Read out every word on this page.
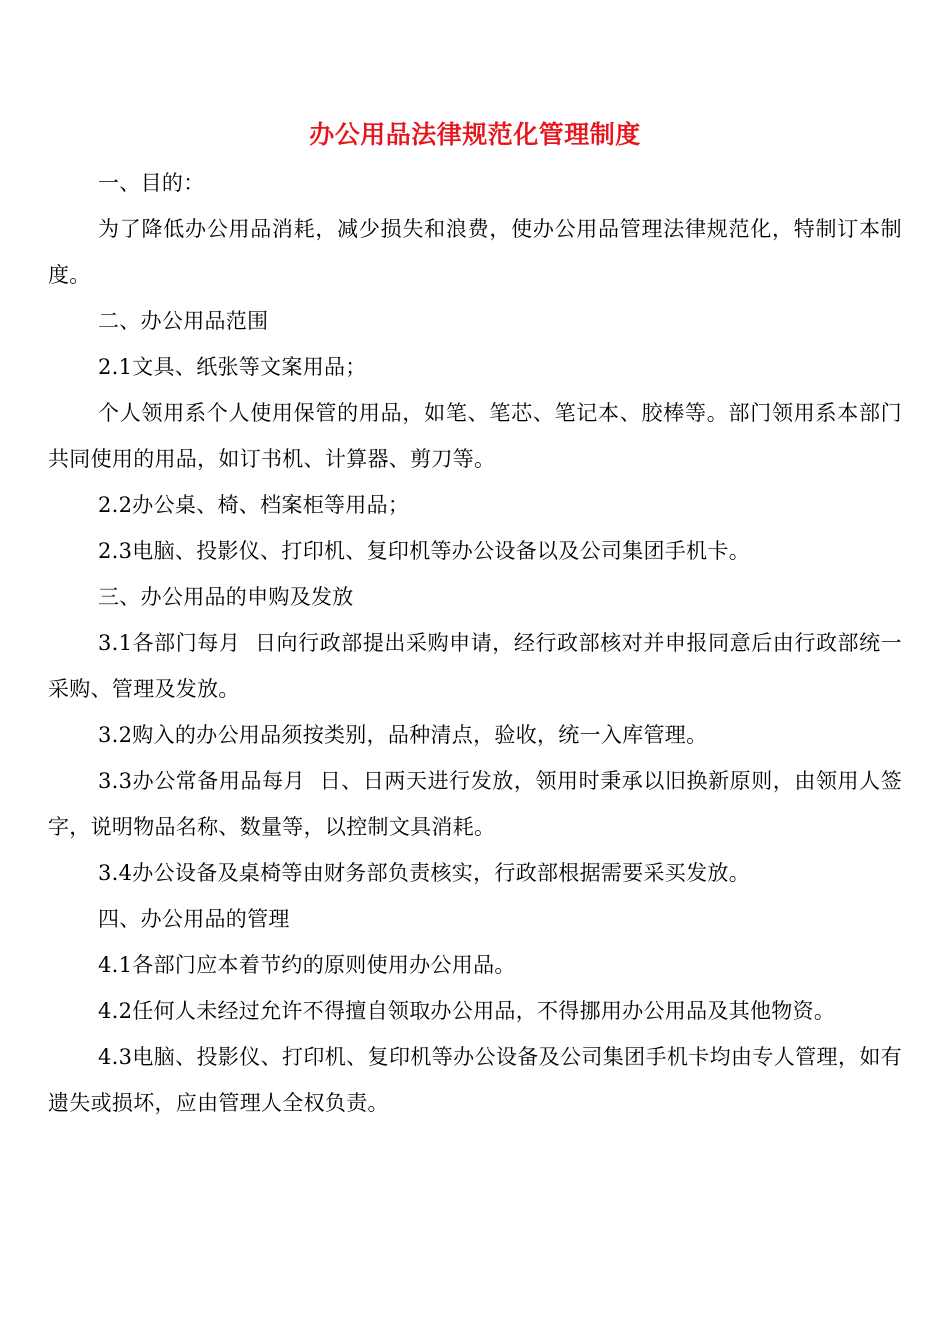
办公用品法律规范化管理制度

一、目的：

为了降低办公用品消耗，减少损失和浪费，使办公用品管理法律规范化，特制订本制度。

二、办公用品范围

2.1文具、纸张等文案用品；

个人领用系个人使用保管的用品，如笔、笔芯、笔记本、胶棒等。部门领用系本部门共同使用的用品，如订书机、计算器、剪刀等。

2.2办公桌、椅、档案柜等用品；

2.3电脑、投影仪、打印机、复印机等办公设备以及公司集团手机卡。

三、办公用品的申购及发放

3.1各部门每月  日向行政部提出采购申请，经行政部核对并申报同意后由行政部统一采购、管理及发放。

3.2购入的办公用品须按类别，品种清点，验收，统一入库管理。

3.3办公常备用品每月  日、日两天进行发放，领用时秉承以旧换新原则，由领用人签字，说明物品名称、数量等，以控制文具消耗。

3.4办公设备及桌椅等由财务部负责核实，行政部根据需要采买发放。

四、办公用品的管理

4.1各部门应本着节约的原则使用办公用品。

4.2任何人未经过允许不得擅自领取办公用品，不得挪用办公用品及其他物资。

4.3电脑、投影仪、打印机、复印机等办公设备及公司集团手机卡均由专人管理，如有遗失或损坏，应由管理人全权负责。
